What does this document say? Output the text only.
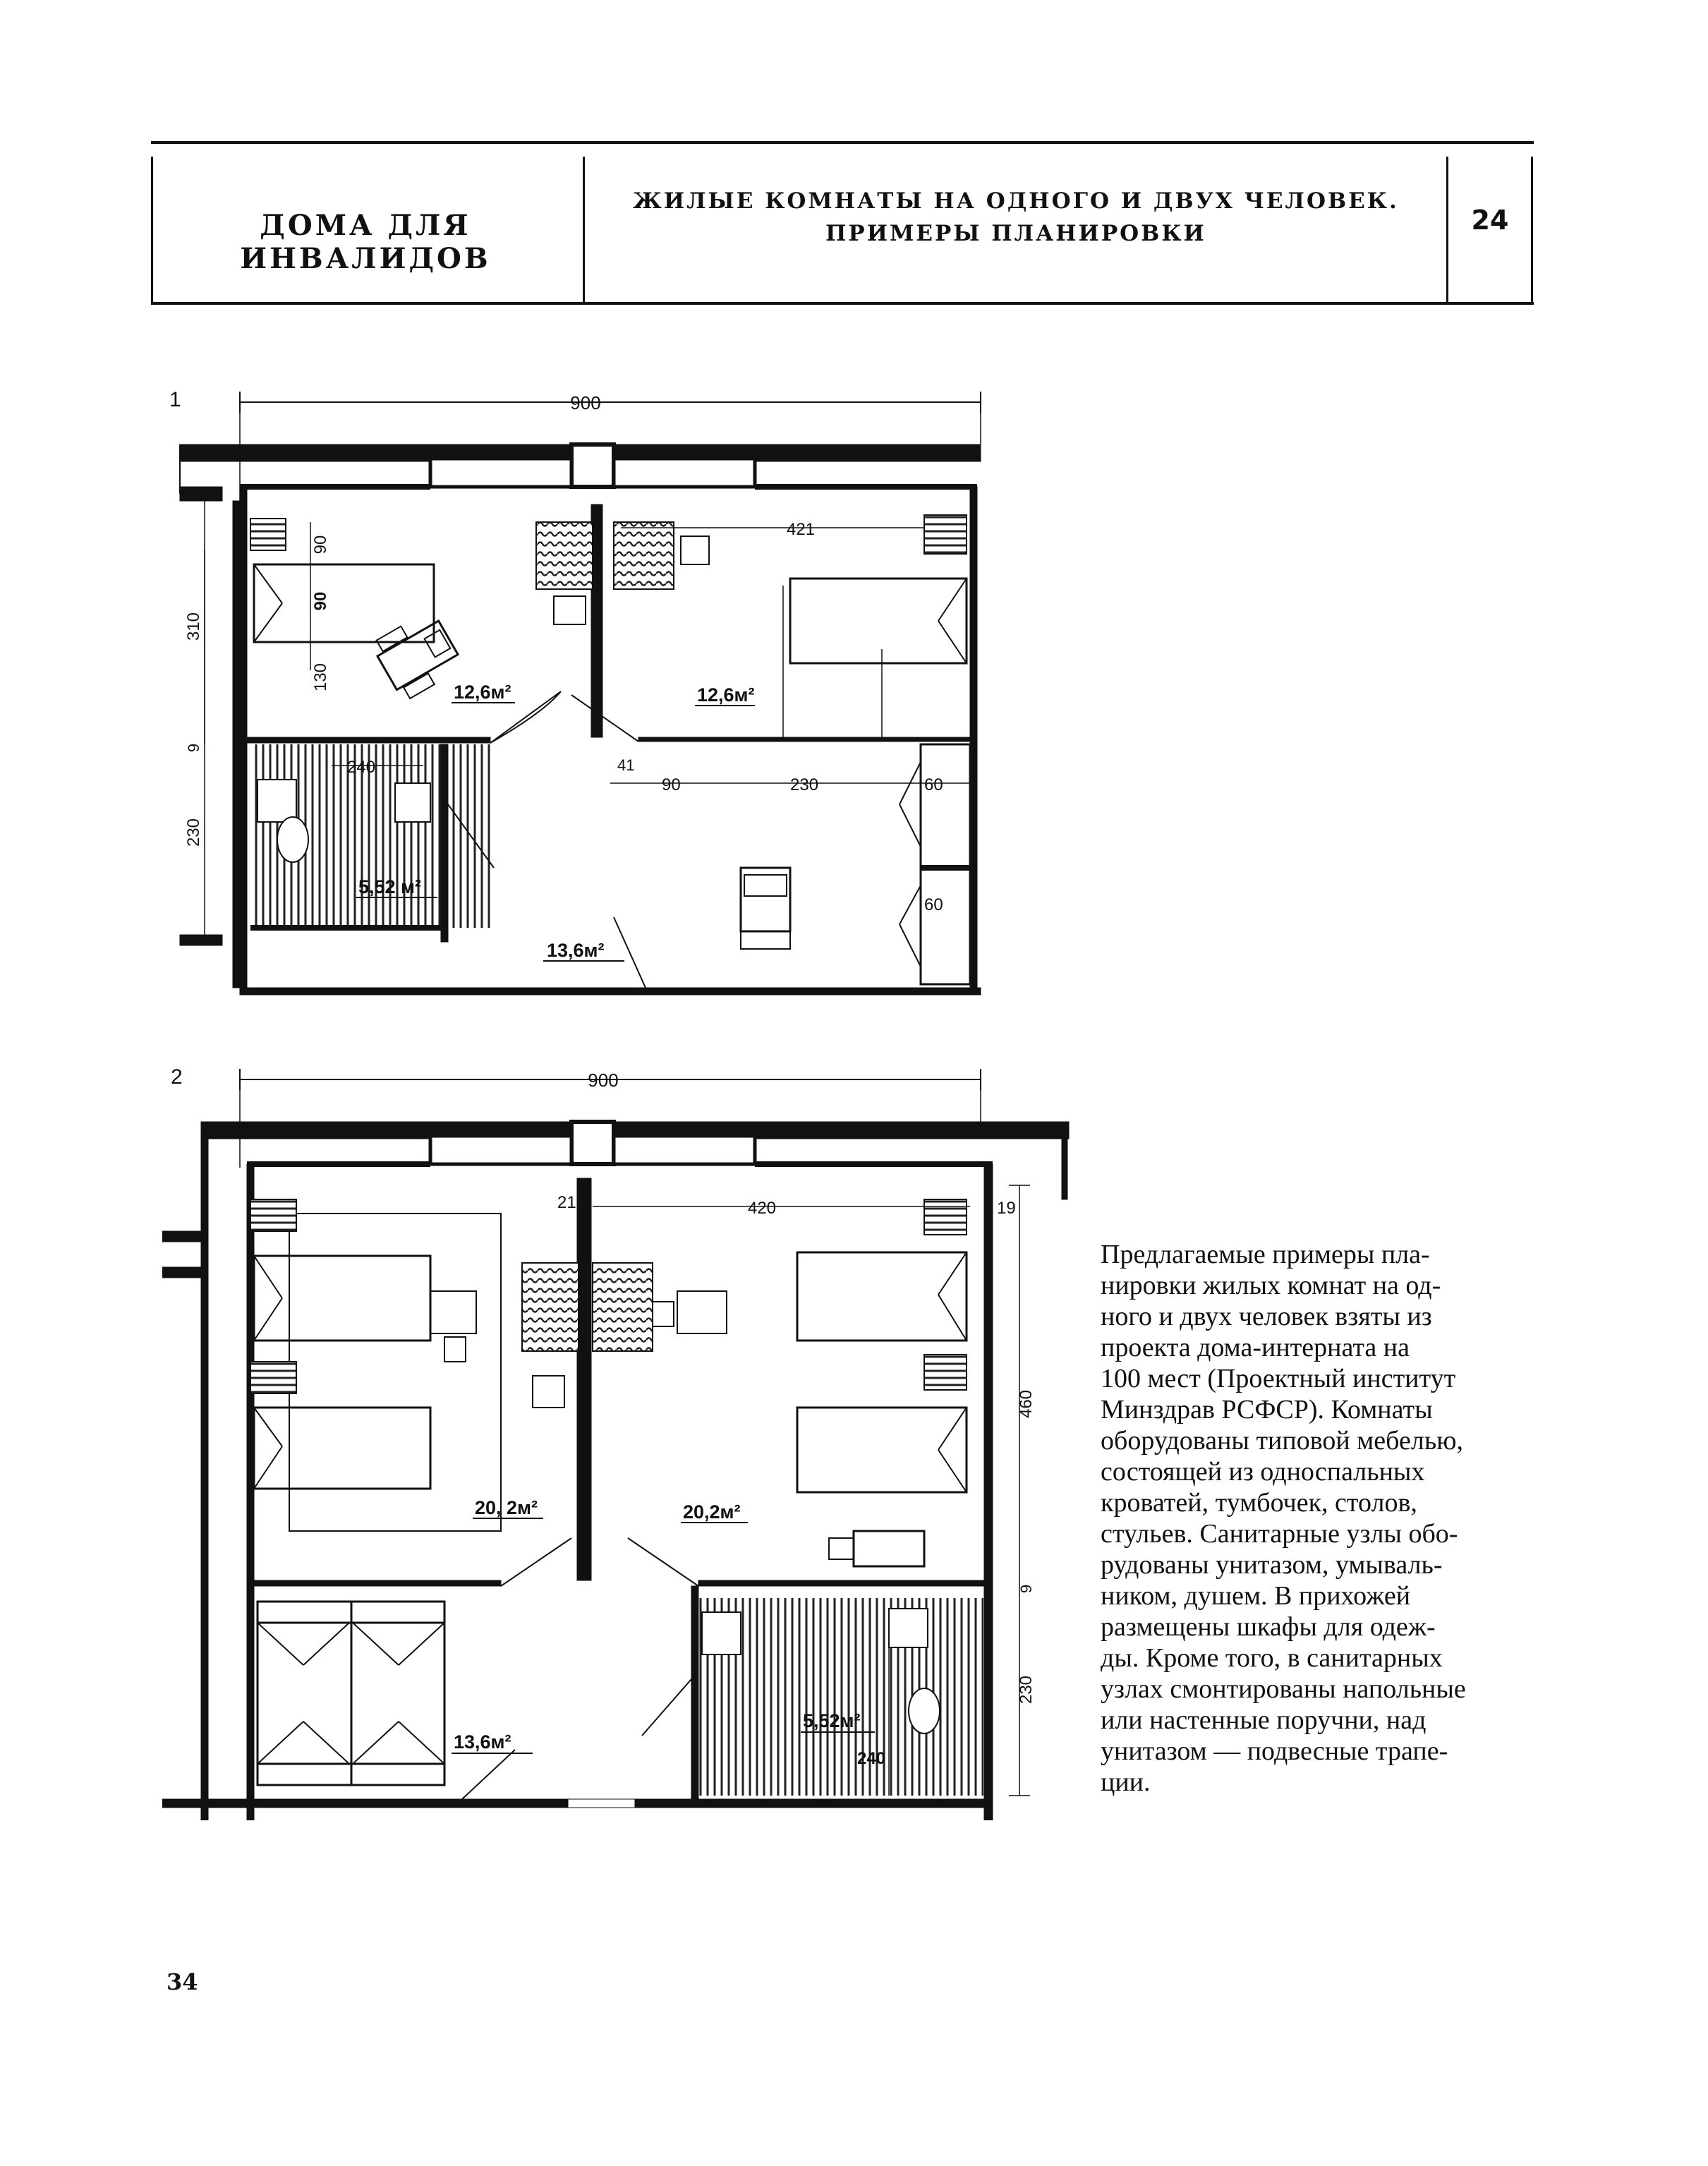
ДОМА ДЛЯ ИНВАЛИДОВ
ЖИЛЫЕ КОМНАТЫ НА ОДНОГО И ДВУХ ЧЕЛОВЕК.
ПРИМЕРЫ ПЛАНИРОВКИ	24
1	900
421
90
90
130
310
9
230
240	41
90	230	60
60
12,6м²	12,6м²
5,52 м²
13,6м²
2	900
21	420	19
460
9
230
240
20, 2м²	20,2м²
5,52м²
13,6м²
Предлагаемые примеры пла-
нировки жилых комнат на од-
ного и двух человек взяты из
проекта дома-интерната на
100 мест (Проектный институт
Минздрав РСФСР). Комнаты
оборудованы типовой мебелью,
состоящей из односпальных
кроватей, тумбочек, столов,
стульев. Санитарные узлы обо-
рудованы унитазом, умываль-
ником, душем. В прихожей
размещены шкафы для одеж-
ды. Кроме того, в санитарных
узлах смонтированы напольные
или настенные поручни, над
унитазом — подвесные трапе-
ции.
34
